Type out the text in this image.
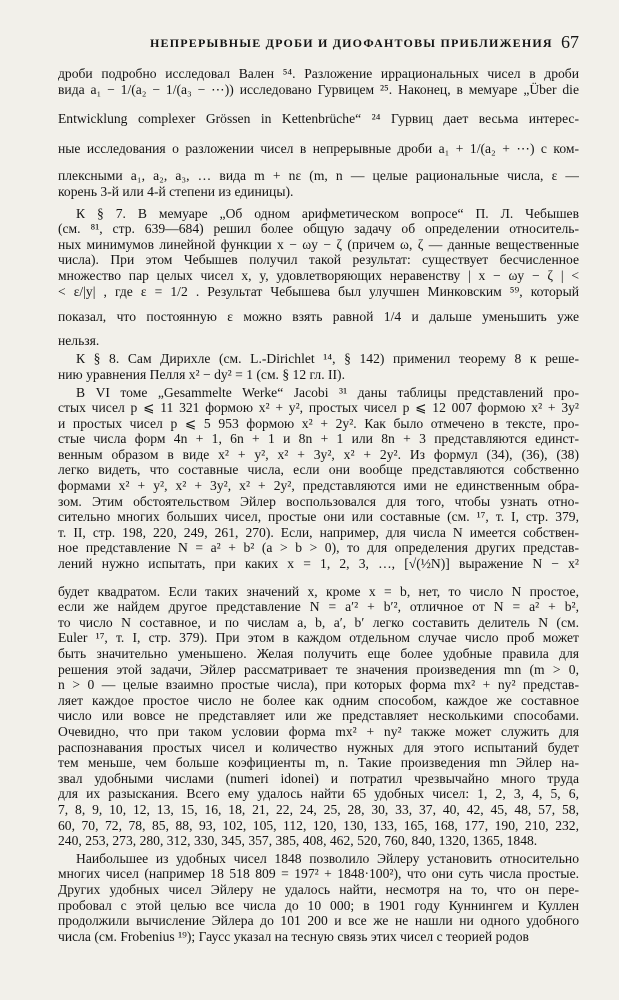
НЕПРЕРЫВНЫЕ ДРОБИ И ДИОФАНТОВЫ ПРИБЛИЖЕНИЯ 67
дроби подробно исследовал Вален ⁵⁴. Разложение иррациональных чисел в дроби
вида a₁ − 1/(a₂ − 1/(a₃ − ⋯)) исследовано Гурвицем ²⁵. Наконец, в мемуаре „Über die
Entwicklung complexer Grössen in Kettenbrüche“ ²⁴ Гурвиц дает весьма интерес-
ные исследования о разложении чисел в непрерывные дроби a₁ + 1/(a₂ + ⋯) с ком-
плексными a₁, a₂, a₃, … вида m + nε (m, n — целые рациональные числа, ε —
корень 3-й или 4-й степени из единицы).
К § 7. В мемуаре „Об одном арифметическом вопросе“ П. Л. Чебышев
(см. ⁸¹, стр. 639—684) решил более общую задачу об определении относитель-
ных минимумов линейной функции x − ωy − ζ (причем ω, ζ — данные вещественные
числа). При этом Чебышев получил такой результат: существует бесчисленное
множество пар целых чисел x, y, удовлетворяющих неравенству | x − ωy − ζ | <
< ε/|y| , где ε = 1/2 . Результат Чебышева был улучшен Минковским ⁵⁹, который
показал, что постоянную ε можно взять равной 1/4 и дальше уменьшить уже
нельзя.
К § 8. Сам Дирихле (см. L.-Dirichlet ¹⁴, § 142) применил теорему 8 к реше-
нию уравнения Пелля x² − dy² = 1 (см. § 12 гл. II).
В VI томе „Gesammelte Werke“ Jacobi ³¹ даны таблицы представлений про-
стых чисел p ⩽ 11 321 формою x² + y², простых чисел p ⩽ 12 007 формою x² + 3y²
и простых чисел p ⩽ 5 953 формою x² + 2y². Как было отмечено в тексте, про-
стые числа форм 4n + 1, 6n + 1 и 8n + 1 или 8n + 3 представляются единст-
венным образом в виде x² + y², x² + 3y², x² + 2y². Из формул (34), (36), (38)
легко видеть, что составные числа, если они вообще представляются собственно
формами x² + y², x² + 3y², x² + 2y², представляются ими не единственным обра-
зом. Этим обстоятельством Эйлер воспользовался для того, чтобы узнать отно-
сительно многих больших чисел, простые они или составные (см. ¹⁷, т. I, стр. 379,
т. II, стр. 198, 220, 249, 261, 270). Если, например, для числа N имеется собствен-
ное представление N = a² + b² (a > b > 0), то для определения других представ-
лений нужно испытать, при каких x = 1, 2, 3, …, [√(½N)] выражение N − x²
будет квадратом. Если таких значений x, кроме x = b, нет, то число N простое,
если же найдем другое представление N = a′² + b′², отличное от N = a² + b²,
то число N составное, и по числам a, b, a′, b′ легко составить делитель N (см.
Euler ¹⁷, т. I, стр. 379). При этом в каждом отдельном случае число проб может
быть значительно уменьшено. Желая получить еще более удобные правила для
решения этой задачи, Эйлер рассматривает те значения произведения mn (m > 0,
n > 0 — целые взаимно простые числа), при которых форма mx² + ny² представ-
ляет каждое простое число не более как одним способом, каждое же составное
число или вовсе не представляет или же представляет несколькими способами.
Очевидно, что при таком условии форма mx² + ny² также может служить для
распознавания простых чисел и количество нужных для этого испытаний будет
тем меньше, чем больше коэфициенты m, n. Такие произведения mn Эйлер на-
звал удобными числами (numeri idonei) и потратил чрезвычайно много труда
для их разыскания. Всего ему удалось найти 65 удобных чисел: 1, 2, 3, 4, 5, 6,
7, 8, 9, 10, 12, 13, 15, 16, 18, 21, 22, 24, 25, 28, 30, 33, 37, 40, 42, 45, 48, 57, 58,
60, 70, 72, 78, 85, 88, 93, 102, 105, 112, 120, 130, 133, 165, 168, 177, 190, 210, 232,
240, 253, 273, 280, 312, 330, 345, 357, 385, 408, 462, 520, 760, 840, 1320, 1365, 1848.
Наибольшее из удобных чисел 1848 позволило Эйлеру установить относительно
многих чисел (например 18 518 809 = 197² + 1848·100²), что они суть числа простые.
Других удобных чисел Эйлеру не удалось найти, несмотря на то, что он пере-
пробовал с этой целью все числа до 10 000; в 1901 году Куннингем и Куллен
продолжили вычисление Эйлера до 101 200 и все же не нашли ни одного удобного
числа (см. Frobenius ¹⁹); Гаусс указал на тесную связь этих чисел с теорией родов
